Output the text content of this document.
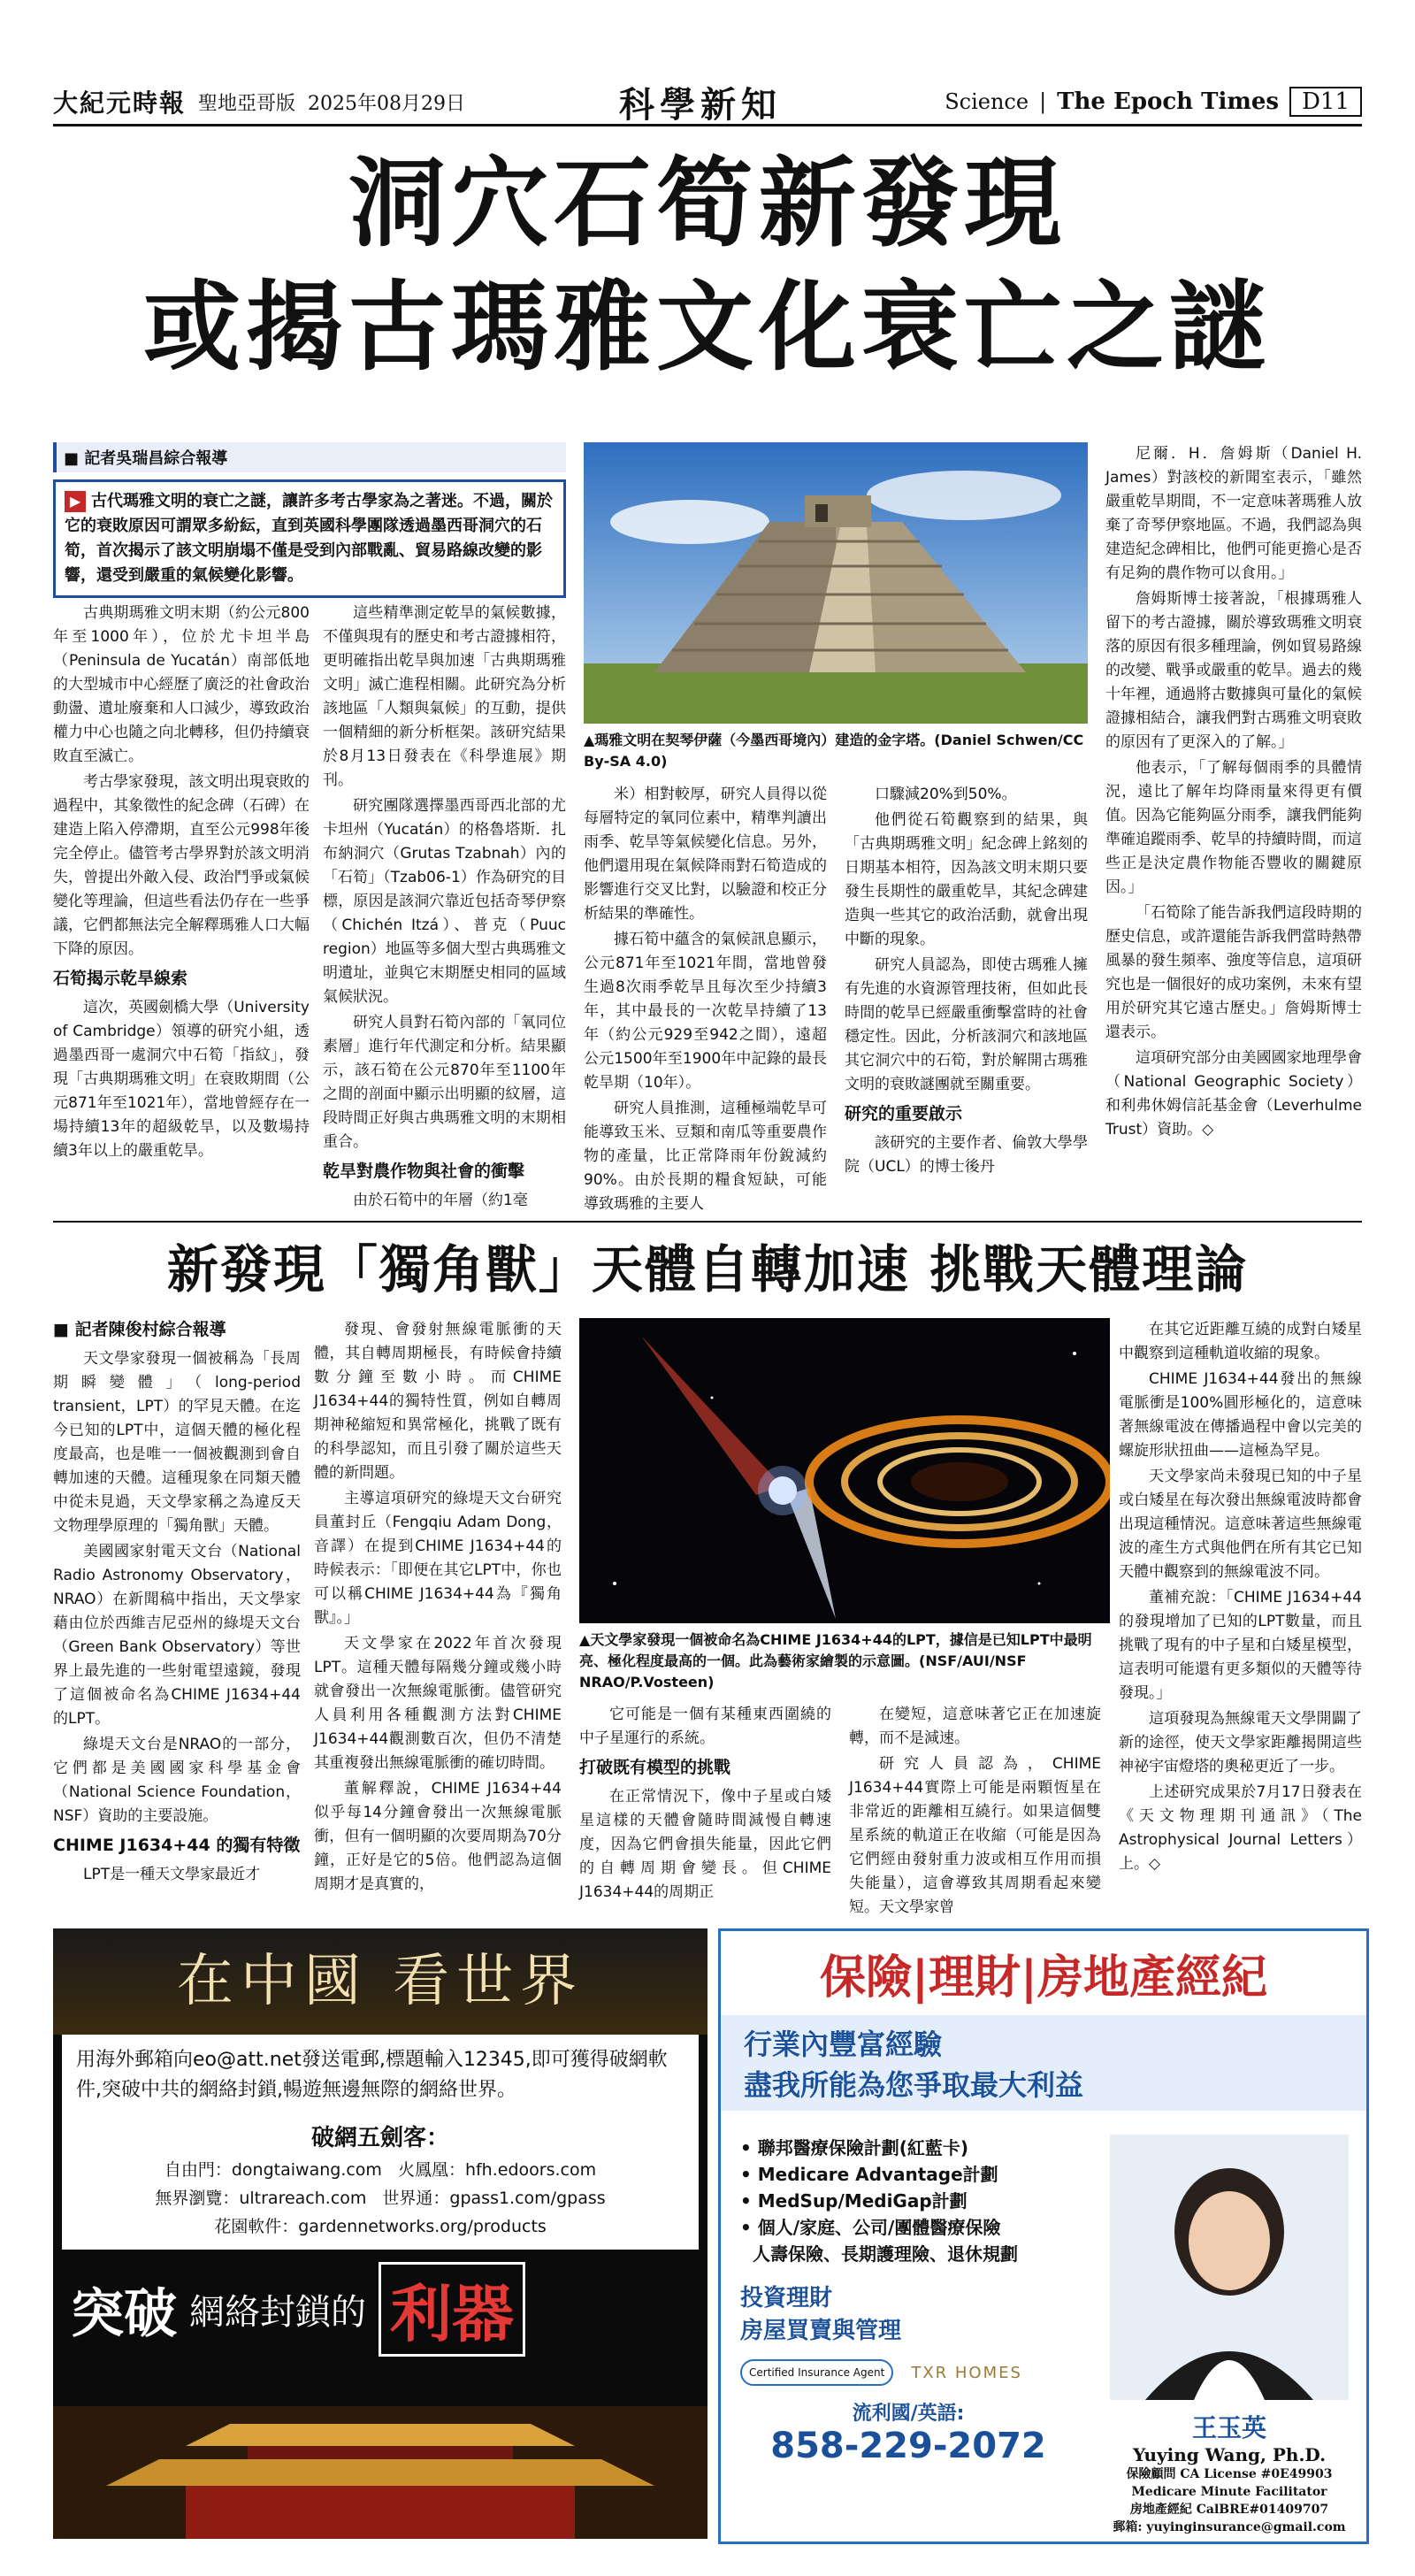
大紀元時報 聖地亞哥版 2025年08月29日	科學新知	Science | The Epoch Times	D11
洞穴石筍新發現
或揭古瑪雅文化衰亡之謎
■ 記者吳瑞昌綜合報導
▶ 古代瑪雅文明的衰亡之謎，讓許多考古學家為之著迷。不過，關於它的衰敗原因可謂眾多紛紜，直到英國科學團隊透過墨西哥洞穴的石筍，首次揭示了該文明崩塌不僅是受到內部戰亂、貿易路線改變的影響，還受到嚴重的氣候變化影響。

古典期瑪雅文明末期（約公元800年至1000年），位於尤卡坦半島（Peninsula de Yucatán）南部低地的大型城市中心經歷了廣泛的社會政治動盪、遺址廢棄和人口減少，導致政治權力中心也隨之向北轉移，但仍持續衰敗直至滅亡。

考古學家發現，該文明出現衰敗的過程中，其象徵性的紀念碑（石碑）在建造上陷入停滯期，直至公元998年後完全停止。儘管考古學界對於該文明消失，曾提出外敵入侵、政治鬥爭或氣候變化等理論，但這些看法仍存在一些爭議，它們都無法完全解釋瑪雅人口大幅下降的原因。

石筍揭示乾旱線索

這次，英國劍橋大學（University of Cambridge）領導的研究小組，透過墨西哥一處洞穴中石筍「指紋」，發現「古典期瑪雅文明」在衰敗期間（公元871年至1021年），當地曾經存在一場持續13年的超級乾旱，以及數場持續3年以上的嚴重乾旱。

這些精準測定乾旱的氣候數據，不僅與現有的歷史和考古證據相符，更明確指出乾旱與加速「古典期瑪雅文明」滅亡進程相關。此研究為分析該地區「人類與氣候」的互動，提供一個精細的新分析框架。該研究結果於8月13日發表在《科學進展》期刊。

研究團隊選擇墨西哥西北部的尤卡坦州（Yucatán）的格魯塔斯．扎布納洞穴（Grutas Tzabnah）內的「石筍」（Tzab06-1）作為研究的目標，原因是該洞穴靠近包括奇琴伊察（Chichén Itzá）、普克（Puuc region）地區等多個大型古典瑪雅文明遺址，並與它末期歷史相同的區域氣候狀況。

研究人員對石筍內部的「氧同位素層」進行年代測定和分析。結果顯示，該石筍在公元870年至1100年之間的剖面中顯示出明顯的紋層，這段時間正好與古典瑪雅文明的末期相重合。

乾旱對農作物與社會的衝擊

由於石筍中的年層（約1毫

▲瑪雅文明在契琴伊薩（今墨西哥境內）建造的金字塔。(Daniel Schwen/CC By-SA 4.0)

米）相對較厚，研究人員得以從每層特定的氧同位素中，精準判讀出雨季、乾旱等氣候變化信息。另外，他們還用現在氣候降雨對石筍造成的影響進行交叉比對，以驗證和校正分析結果的準確性。

據石筍中蘊含的氣候訊息顯示，公元871年至1021年間，當地曾發生過8次雨季乾旱且每次至少持續3年，其中最長的一次乾旱持續了13年（約公元929至942之間），遠超公元1500年至1900年中記錄的最長乾旱期（10年）。

研究人員推測，這種極端乾旱可能導致玉米、豆類和南瓜等重要農作物的產量，比正常降雨年份銳減約90%。由於長期的糧食短缺，可能導致瑪雅的主要人

口驟減20%到50%。

他們從石筍觀察到的結果，與「古典期瑪雅文明」紀念碑上銘刻的日期基本相符，因為該文明末期只要發生長期性的嚴重乾旱，其紀念碑建造與一些其它的政治活動，就會出現中斷的現象。

研究人員認為，即使古瑪雅人擁有先進的水資源管理技術，但如此長時間的乾旱已經嚴重衝擊當時的社會穩定性。因此，分析該洞穴和該地區其它洞穴中的石筍，對於解開古瑪雅文明的衰敗謎團就至關重要。

研究的重要啟示

該研究的主要作者、倫敦大學學院（UCL）的博士後丹

尼爾．H．詹姆斯（Daniel H. James）對該校的新聞室表示，「雖然嚴重乾旱期間，不一定意味著瑪雅人放棄了奇琴伊察地區。不過，我們認為與建造紀念碑相比，他們可能更擔心是否有足夠的農作物可以食用。」

詹姆斯博士接著說，「根據瑪雅人留下的考古證據，關於導致瑪雅文明衰落的原因有很多種理論，例如貿易路線的改變、戰爭或嚴重的乾旱。過去的幾十年裡，通過將古數據與可量化的氣候證據相結合，讓我們對古瑪雅文明衰敗的原因有了更深入的了解。」

他表示，「了解每個雨季的具體情況，遠比了解年均降雨量來得更有價值。因為它能夠區分雨季，讓我們能夠準確追蹤雨季、乾旱的持續時間，而這些正是決定農作物能否豐收的關鍵原因。」

「石筍除了能告訴我們這段時期的歷史信息，或許還能告訴我們當時熱帶風暴的發生頻率、強度等信息，這項研究也是一個很好的成功案例，未來有望用於研究其它遠古歷史。」詹姆斯博士還表示。

這項研究部分由美國國家地理學會（National Geographic Society）和利弗休姆信託基金會（Leverhulme Trust）資助。◇

新發現「獨角獸」天體自轉加速 挑戰天體理論
■ 記者陳俊村綜合報導

天文學家發現一個被稱為「長周期瞬變體」（long-period transient，LPT）的罕見天體。在迄今已知的LPT中，這個天體的極化程度最高，也是唯一一個被觀測到會自轉加速的天體。這種現象在同類天體中從未見過，天文學家稱之為違反天文物理學原理的「獨角獸」天體。

美國國家射電天文台（National Radio Astronomy Observatory，NRAO）在新聞稿中指出，天文學家藉由位於西維吉尼亞州的綠堤天文台（Green Bank Observatory）等世界上最先進的一些射電望遠鏡，發現了這個被命名為CHIME J1634+44的LPT。

綠堤天文台是NRAO的一部分，它們都是美國國家科學基金會（National Science Foundation，NSF）資助的主要設施。

CHIME J1634+44 的獨有特徵

LPT是一種天文學家最近才

發現、會發射無線電脈衝的天體，其自轉周期極長，有時候會持續數分鐘至數小時。而CHIME J1634+44的獨特性質，例如自轉周期神秘縮短和異常極化，挑戰了既有的科學認知，而且引發了關於這些天體的新問題。

主導這項研究的綠堤天文台研究員董封丘（Fengqiu Adam Dong，音譯）在提到CHIME J1634+44的時候表示：「即便在其它LPT中，你也可以稱CHIME J1634+44為『獨角獸』。」

天文學家在2022年首次發現LPT。這種天體每隔幾分鐘或幾小時就會發出一次無線電脈衝。儘管研究人員利用各種觀測方法對CHIME J1634+44觀測數百次，但仍不清楚其重複發出無線電脈衝的確切時間。

董解釋說，CHIME J1634+44似乎每14分鐘會發出一次無線電脈衝，但有一個明顯的次要周期為70分鐘，正好是它的5倍。他們認為這個周期才是真實的，

▲天文學家發現一個被命名為CHIME J1634+44的LPT，據信是已知LPT中最明亮、極化程度最高的一個。此為藝術家繪製的示意圖。(NSF/AUI/NSF NRAO/P.Vosteen)

它可能是一個有某種東西圍繞的中子星運行的系統。

打破既有模型的挑戰

在正常情況下，像中子星或白矮星這樣的天體會隨時間減慢自轉速度，因為它們會損失能量，因此它們的自轉周期會變長。但CHIME J1634+44的周期正

在變短，這意味著它正在加速旋轉，而不是減速。

研究人員認為，CHIME J1634+44實際上可能是兩顆恆星在非常近的距離相互繞行。如果這個雙星系統的軌道正在收縮（可能是因為它們經由發射重力波或相互作用而損失能量），這會導致其周期看起來變短。天文學家曾

在其它近距離互繞的成對白矮星中觀察到這種軌道收縮的現象。

CHIME J1634+44發出的無線電脈衝是100%圓形極化的，這意味著無線電波在傳播過程中會以完美的螺旋形狀扭曲——這極為罕見。

天文學家尚未發現已知的中子星或白矮星在每次發出無線電波時都會出現這種情況。這意味著這些無線電波的產生方式與他們在所有其它已知天體中觀察到的無線電波不同。

董補充說：「CHIME J1634+44的發現增加了已知的LPT數量，而且挑戰了現有的中子星和白矮星模型，這表明可能還有更多類似的天體等待發現。」

這項發現為無線電天文學開闢了新的途徑，使天文學家距離揭開這些神祕宇宙燈塔的奧秘更近了一步。

上述研究成果於7月17日發表在《天文物理期刊通訊》（The Astrophysical Journal Letters）上。◇

在中國 看世界
用海外郵箱向eo@att.net發送電郵,標題輸入12345,即可獲得破網軟件,突破中共的網絡封鎖,暢遊無邊無際的網絡世界。
破網五劍客：
自由門：dongtaiwang.com 火鳳凰：hfh.edoors.com
無界瀏覽：ultrareach.com 世界通：gpass1.com/gpass
花園軟件：gardennetworks.org/products
突破 網絡封鎖的 利器
保險|理財|房地產經紀
行業內豐富經驗
盡我所能為您爭取最大利益
• 聯邦醫療保險計劃(紅藍卡)
• Medicare Advantage計劃
• MedSup/MediGap計劃
• 個人/家庭、公司/團體醫療保險
人壽保險、長期護理險、退休規劃
投資理財
房屋買賣與管理
Certified Insurance Agent	TXR HOMES
流利國/英語:
858-229-2072	王玉英
Yuying Wang, Ph.D.
保險顧問 CA License #0E49903
Medicare Minute Facilitator
房地產經紀 CalBRE#01409707
郵箱: yuyinginsurance@gmail.com
